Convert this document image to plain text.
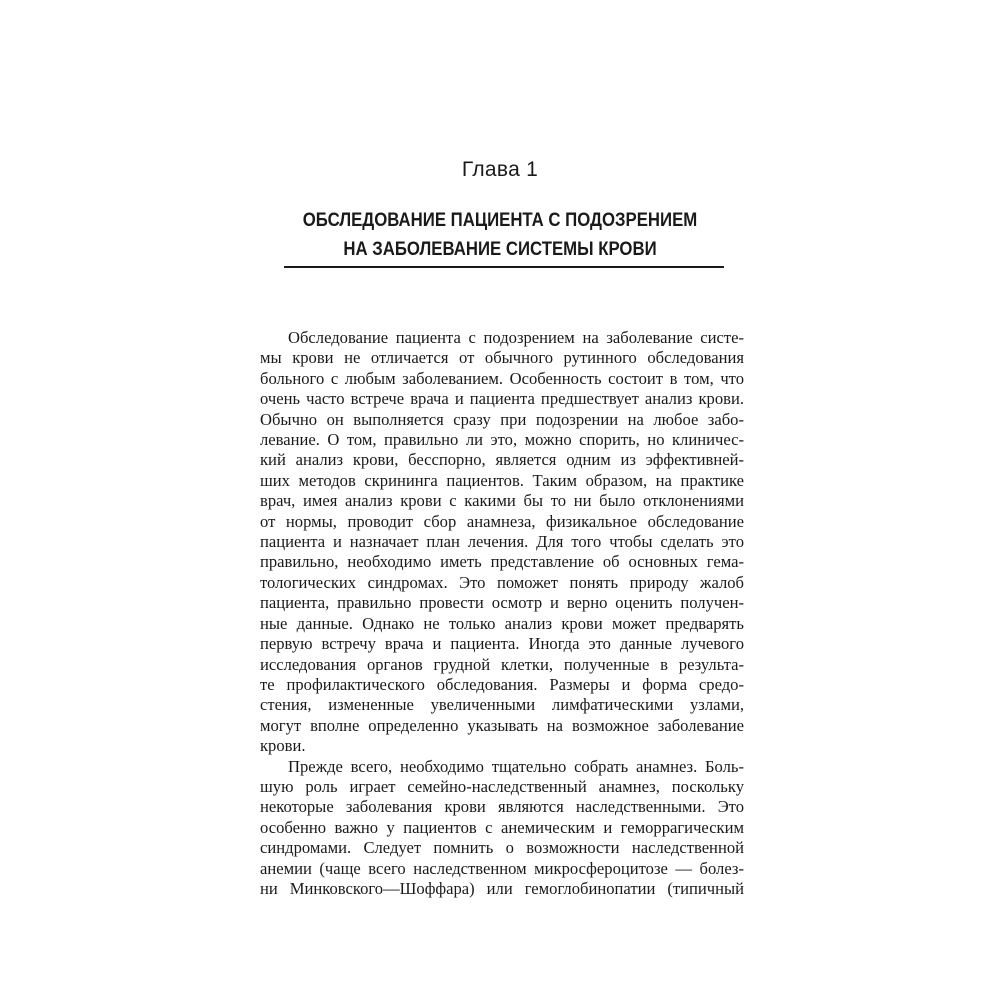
Глава 1
ОБСЛЕДОВАНИЕ ПАЦИЕНТА С ПОДОЗРЕНИЕМ
НА ЗАБОЛЕВАНИЕ СИСТЕМЫ КРОВИ
Обследование пациента с подозрением на заболевание систе-
мы крови не отличается от обычного рутинного обследования
больного с любым заболеванием. Особенность состоит в том, что
очень часто встрече врача и пациента предшествует анализ крови.
Обычно он выполняется сразу при подозрении на любое забо-
левание. О том, правильно ли это, можно спорить, но клиничес-
кий анализ крови, бесспорно, является одним из эффективней-
ших методов скрининга пациентов. Таким образом, на практике
врач, имея анализ крови с какими бы то ни было отклонениями
от нормы, проводит сбор анамнеза, физикальное обследование
пациента и назначает план лечения. Для того чтобы сделать это
правильно, необходимо иметь представление об основных гема-
тологических синдромах. Это поможет понять природу жалоб
пациента, правильно провести осмотр и верно оценить получен-
ные данные. Однако не только анализ крови может предварять
первую встречу врача и пациента. Иногда это данные лучевого
исследования органов грудной клетки, полученные в результа-
те профилактического обследования. Размеры и форма средо-
стения, измененные увеличенными лимфатическими узлами,
могут вполне определенно указывать на возможное заболевание
крови.
Прежде всего, необходимо тщательно собрать анамнез. Боль-
шую роль играет семейно-наследственный анамнез, поскольку
некоторые заболевания крови являются наследственными. Это
особенно важно у пациентов с анемическим и геморрагическим
синдромами. Следует помнить о возможности наследственной
анемии (чаще всего наследственном микросфероцитозе — болез-
ни Минковского—Шоффара) или гемоглобинопатии (типичный
